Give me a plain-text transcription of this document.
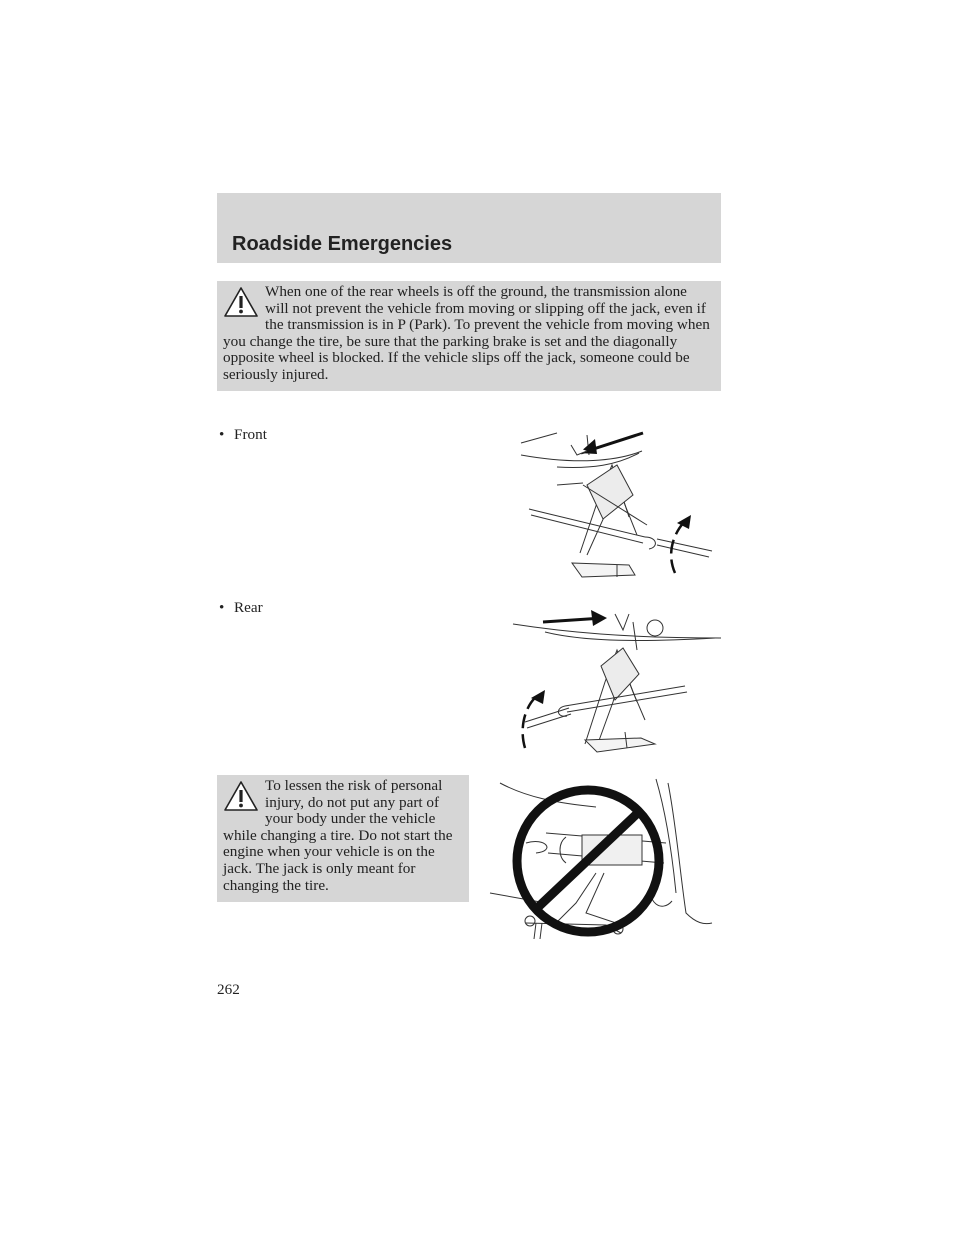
Roadside Emergencies
When one of the rear wheels is off the ground, the transmission alone will not prevent the vehicle from moving or slipping off the jack, even if the transmission is in P (Park). To prevent the vehicle from moving when you change the tire, be sure that the parking brake is set and the diagonally opposite wheel is blocked. If the vehicle slips off the jack, someone could be seriously injured.
• Front
• Rear
To lessen the risk of personal injury, do not put any part of your body under the vehicle while changing a tire. Do not start the engine when your vehicle is on the jack. The jack is only meant for changing the tire.
262
